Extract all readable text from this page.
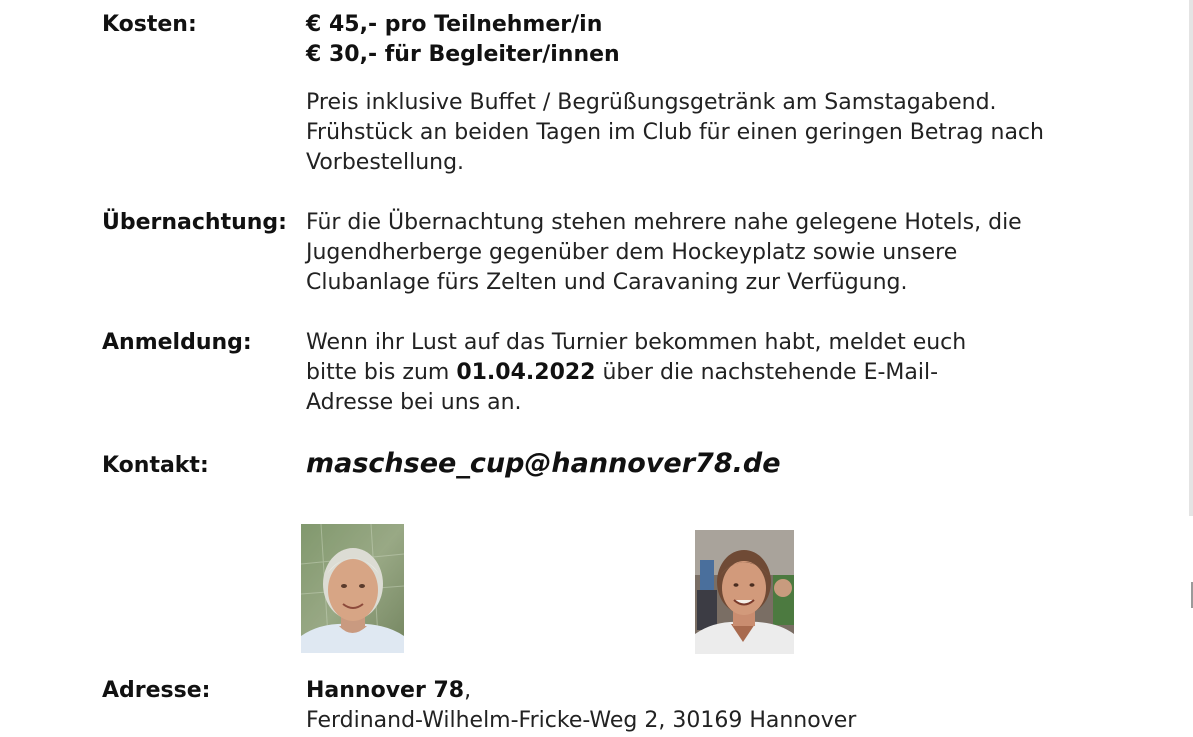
Kosten:	€ 45,- pro Teilnehmer/in
€ 30,- für Begleiter/innen
Preis inklusive Buffet / Begrüßungsgetränk am Samstagabend.
Frühstück an beiden Tagen im Club für einen geringen Betrag nach
Vorbestellung.
Übernachtung: Für die Übernachtung stehen mehrere nahe gelegene Hotels, die
Jugendherberge gegenüber dem Hockeyplatz sowie unsere
Clubanlage fürs Zelten und Caravaning zur Verfügung.
Anmeldung: Wenn ihr Lust auf das Turnier bekommen habt, meldet euch
bitte bis zum 01.04.2022 über die nachstehende E-Mail-
Adresse bei uns an.
Kontakt:	maschsee_cup@hannover78.de
Adresse:	Hannover 78,
Ferdinand-Wilhelm-Fricke-Weg 2, 30169 Hannover
